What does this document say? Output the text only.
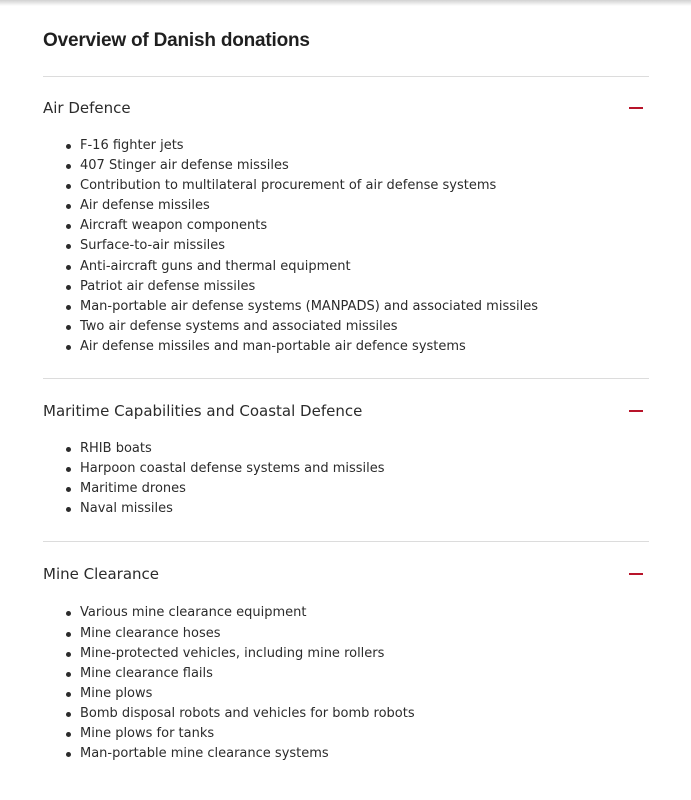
Overview of Danish donations
Air Defence
F-16 fighter jets
407 Stinger air defense missiles
Contribution to multilateral procurement of air defense systems
Air defense missiles
Aircraft weapon components
Surface-to-air missiles
Anti-aircraft guns and thermal equipment
Patriot air defense missiles
Man-portable air defense systems (MANPADS) and associated missiles
Two air defense systems and associated missiles
Air defense missiles and man-portable air defence systems
Maritime Capabilities and Coastal Defence
RHIB boats
Harpoon coastal defense systems and missiles
Maritime drones
Naval missiles
Mine Clearance
Various mine clearance equipment
Mine clearance hoses
Mine-protected vehicles, including mine rollers
Mine clearance flails
Mine plows
Bomb disposal robots and vehicles for bomb robots
Mine plows for tanks
Man-portable mine clearance systems
